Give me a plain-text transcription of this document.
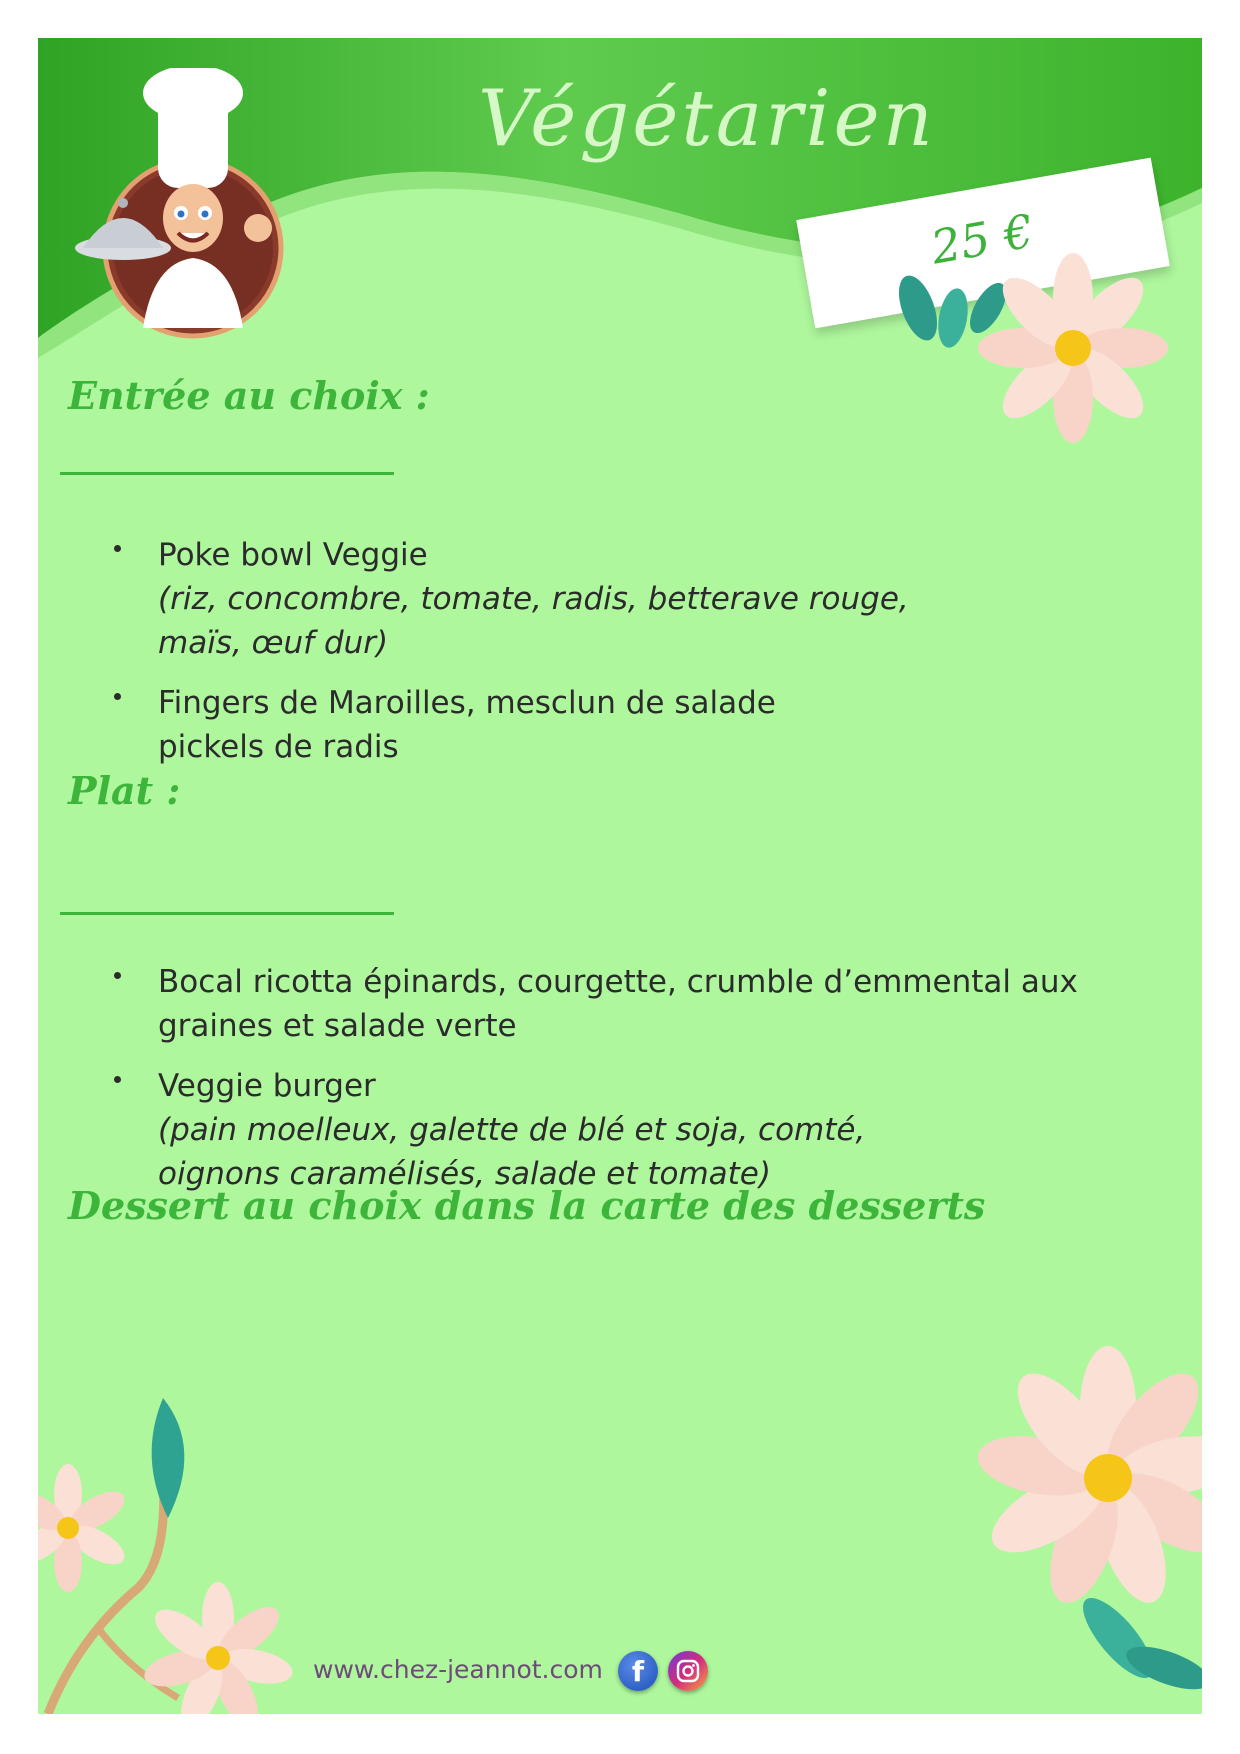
Végétarien
25 €
Entrée au choix :
Poke bowl Veggie
(riz, concombre, tomate, radis, betterave rouge, maïs, œuf dur)
Fingers de Maroilles, mesclun de salade pickels de radis
Plat :
Bocal ricotta épinards, courgette, crumble d’emmental aux graines et salade verte
Veggie burger
(pain moelleux, galette de blé et soja, comté, oignons caramélisés, salade et tomate)
Dessert au choix dans la carte des desserts
www.chez-jeannot.com f
